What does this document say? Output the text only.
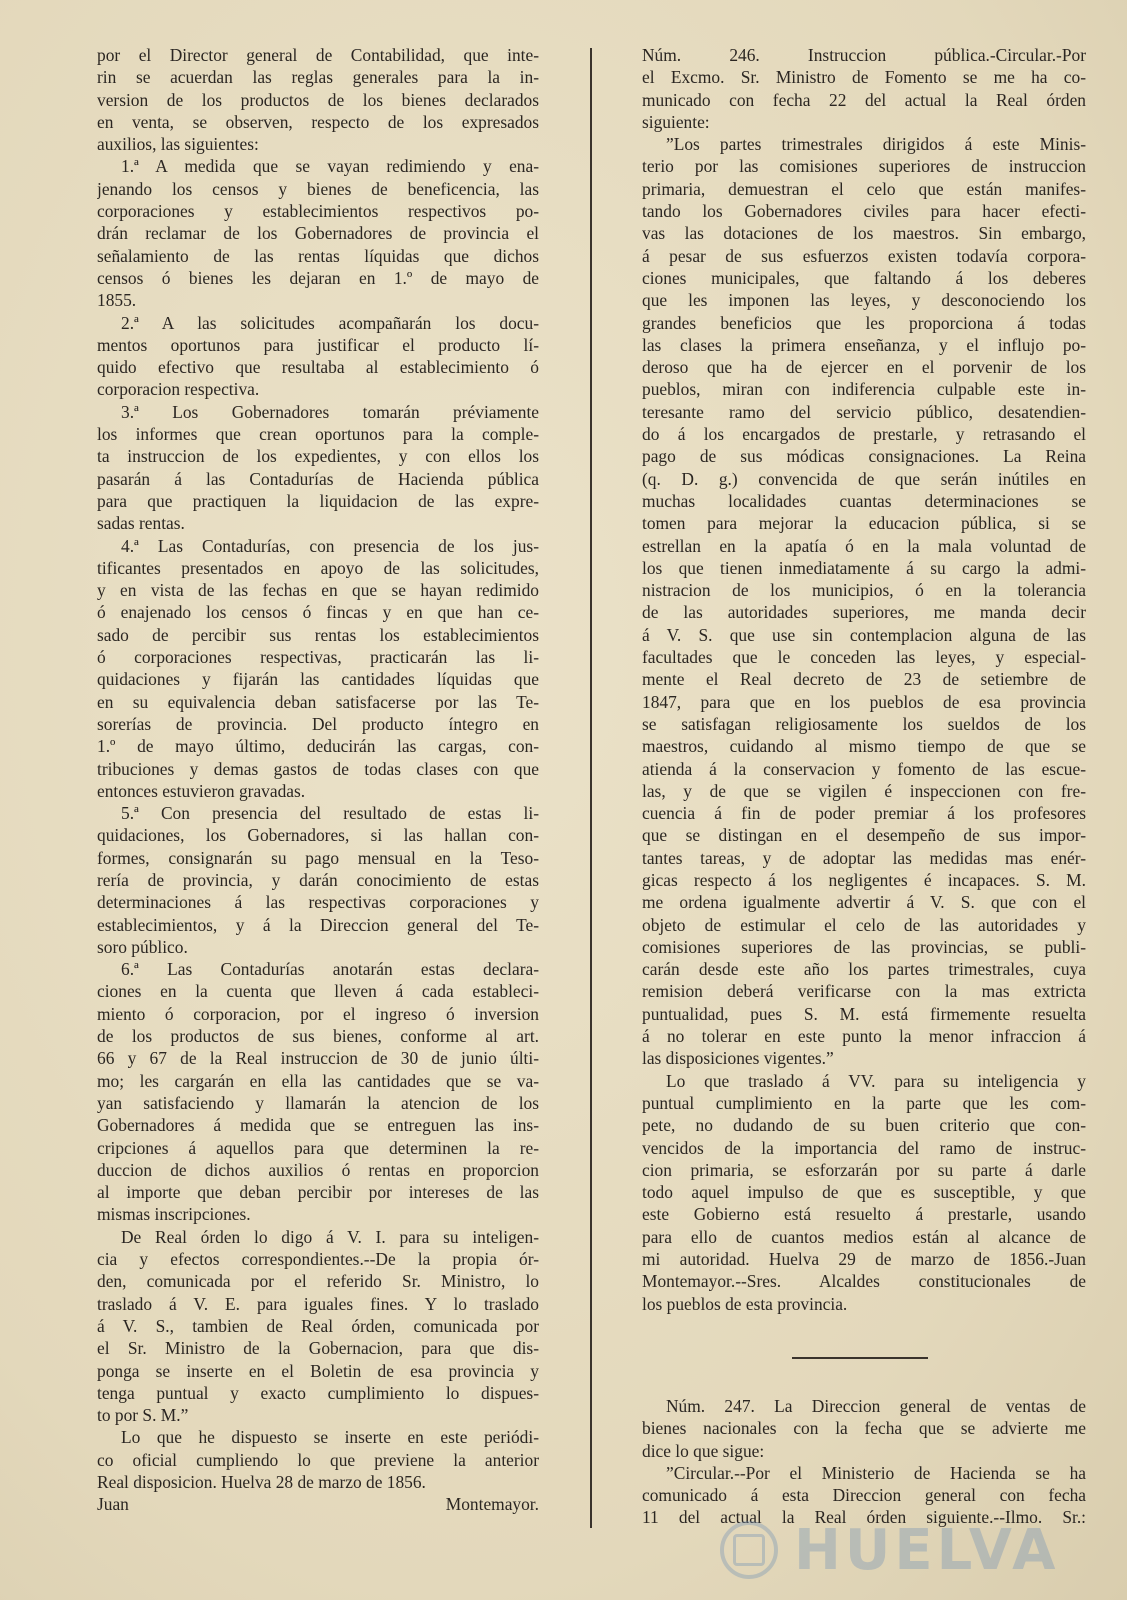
por el Director general de Contabilidad, que inte-

rin se acuerdan las reglas generales para la in-

version de los productos de los bienes declarados

en venta, se observen, respecto de los expresados

auxilios, las siguientes:

1.ª A medida que se vayan redimiendo y ena-

jenando los censos y bienes de beneficencia, las

corporaciones y establecimientos respectivos po-

drán reclamar de los Gobernadores de provincia el

señalamiento de las rentas líquidas que dichos

censos ó bienes les dejaran en 1.º de mayo de

1855.

2.ª A las solicitudes acompañarán los docu-

mentos oportunos para justificar el producto lí-

quido efectivo que resultaba al establecimiento ó

corporacion respectiva.

3.ª Los Gobernadores tomarán préviamente

los informes que crean oportunos para la comple-

ta instruccion de los expedientes, y con ellos los

pasarán á las Contadurías de Hacienda pública

para que practiquen la liquidacion de las expre-

sadas rentas.

4.ª Las Contadurías, con presencia de los jus-

tificantes presentados en apoyo de las solicitudes,

y en vista de las fechas en que se hayan redimido

ó enajenado los censos ó fincas y en que han ce-

sado de percibir sus rentas los establecimientos

ó corporaciones respectivas, practicarán las li-

quidaciones y fijarán las cantidades líquidas que

en su equivalencia deban satisfacerse por las Te-

sorerías de provincia. Del producto íntegro en

1.º de mayo último, deducirán las cargas, con-

tribuciones y demas gastos de todas clases con que

entonces estuvieron gravadas.

5.ª Con presencia del resultado de estas li-

quidaciones, los Gobernadores, si las hallan con-

formes, consignarán su pago mensual en la Teso-

rería de provincia, y darán conocimiento de estas

determinaciones á las respectivas corporaciones y

establecimientos, y á la Direccion general del Te-

soro público.

6.ª Las Contadurías anotarán estas declara-

ciones en la cuenta que lleven á cada estableci-

miento ó corporacion, por el ingreso ó inversion

de los productos de sus bienes, conforme al art.

66 y 67 de la Real instruccion de 30 de junio últi-

mo; les cargarán en ella las cantidades que se va-

yan satisfaciendo y llamarán la atencion de los

Gobernadores á medida que se entreguen las ins-

cripciones á aquellos para que determinen la re-

duccion de dichos auxilios ó rentas en proporcion

al importe que deban percibir por intereses de las

mismas inscripciones.

De Real órden lo digo á V. I. para su inteligen-

cia y efectos correspondientes.--De la propia ór-

den, comunicada por el referido Sr. Ministro, lo

traslado á V. E. para iguales fines. Y lo traslado

á V. S., tambien de Real órden, comunicada por

el Sr. Ministro de la Gobernacion, para que dis-

ponga se inserte en el Boletin de esa provincia y

tenga puntual y exacto cumplimiento lo dispues-

to por S. M.”

Lo que he dispuesto se inserte en este periódi-

co oficial cumpliendo lo que previene la anterior

Real disposicion. Huelva 28 de marzo de 1856.

Juan Montemayor.

Núm. 246. Instruccion pública.-Circular.-Por

el Excmo. Sr. Ministro de Fomento se me ha co-

municado con fecha 22 del actual la Real órden

siguiente:

”Los partes trimestrales dirigidos á este Minis-

terio por las comisiones superiores de instruccion

primaria, demuestran el celo que están manifes-

tando los Gobernadores civiles para hacer efecti-

vas las dotaciones de los maestros. Sin embargo,

á pesar de sus esfuerzos existen todavía corpora-

ciones municipales, que faltando á los deberes

que les imponen las leyes, y desconociendo los

grandes beneficios que les proporciona á todas

las clases la primera enseñanza, y el influjo po-

deroso que ha de ejercer en el porvenir de los

pueblos, miran con indiferencia culpable este in-

teresante ramo del servicio público, desatendien-

do á los encargados de prestarle, y retrasando el

pago de sus módicas consignaciones. La Reina

(q. D. g.) convencida de que serán inútiles en

muchas localidades cuantas determinaciones se

tomen para mejorar la educacion pública, si se

estrellan en la apatía ó en la mala voluntad de

los que tienen inmediatamente á su cargo la admi-

nistracion de los municipios, ó en la tolerancia

de las autoridades superiores, me manda decir

á V. S. que use sin contemplacion alguna de las

facultades que le conceden las leyes, y especial-

mente el Real decreto de 23 de setiembre de

1847, para que en los pueblos de esa provincia

se satisfagan religiosamente los sueldos de los

maestros, cuidando al mismo tiempo de que se

atienda á la conservacion y fomento de las escue-

las, y de que se vigilen é inspeccionen con fre-

cuencia á fin de poder premiar á los profesores

que se distingan en el desempeño de sus impor-

tantes tareas, y de adoptar las medidas mas enér-

gicas respecto á los negligentes é incapaces. S. M.

me ordena igualmente advertir á V. S. que con el

objeto de estimular el celo de las autoridades y

comisiones superiores de las provincias, se publi-

carán desde este año los partes trimestrales, cuya

remision deberá verificarse con la mas extricta

puntualidad, pues S. M. está firmemente resuelta

á no tolerar en este punto la menor infraccion á

las disposiciones vigentes.”

Lo que traslado á VV. para su inteligencia y

puntual cumplimiento en la parte que les com-

pete, no dudando de su buen criterio que con-

vencidos de la importancia del ramo de instruc-

cion primaria, se esforzarán por su parte á darle

todo aquel impulso de que es susceptible, y que

este Gobierno está resuelto á prestarle, usando

para ello de cuantos medios están al alcance de

mi autoridad. Huelva 29 de marzo de 1856.-Juan

Montemayor.--Sres. Alcaldes constitucionales de

los pueblos de esta provincia.

Núm. 247. La Direccion general de ventas de

bienes nacionales con la fecha que se advierte me

dice lo que sigue:

”Circular.--Por el Ministerio de Hacienda se ha

comunicado á esta Direccion general con fecha

11 del actual la Real órden siguiente.--Ilmo. Sr.:

HUELVA
